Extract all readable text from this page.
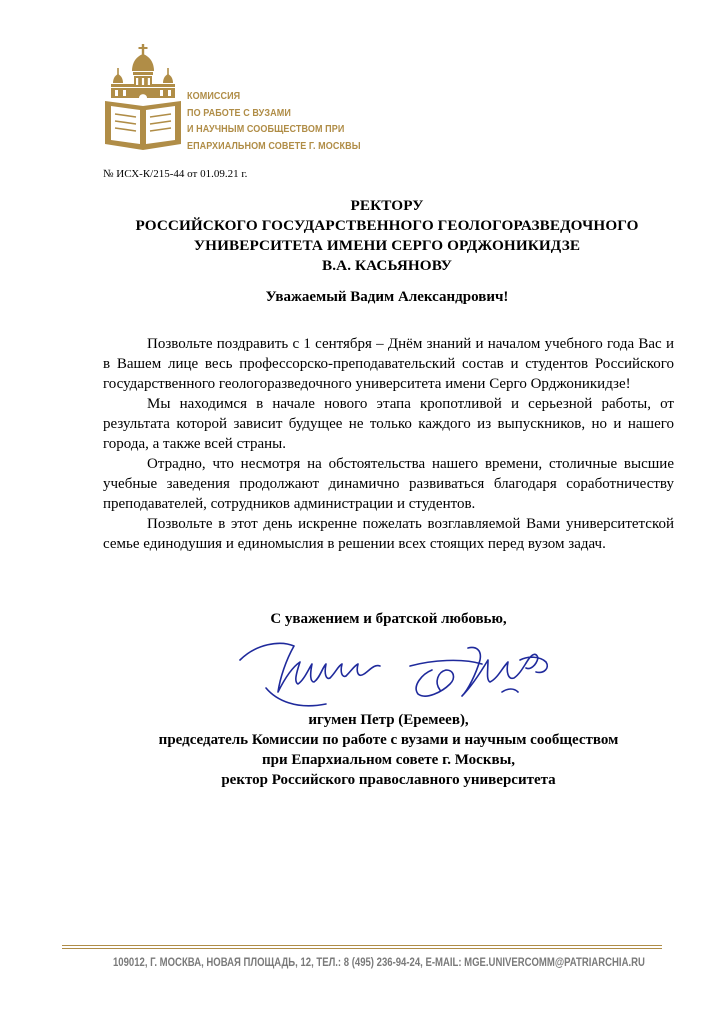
КОМИССИЯ
ПО РАБОТЕ С ВУЗАМИ
И НАУЧНЫМ СООБЩЕСТВОМ ПРИ
ЕПАРХИАЛЬНОМ СОВЕТЕ Г. МОСКВЫ
№ ИСХ-К/215-44 от 01.09.21 г.
РЕКТОРУ
РОССИЙСКОГО ГОСУДАРСТВЕННОГО ГЕОЛОГОРАЗВЕДОЧНОГО
УНИВЕРСИТЕТА ИМЕНИ СЕРГО ОРДЖОНИКИДЗЕ
В.А. КАСЬЯНОВУ
Уважаемый Вадим Александрович!

Позвольте поздравить с 1 сентября – Днём знаний и началом учебного года Вас и в Вашем лице весь профессорско-преподавательский состав и студентов Российского государственного геологоразведочного университета имени Серго Орджоникидзе!

Мы находимся в начале нового этапа кропотливой и серьезной работы, от результата которой зависит будущее не только каждого из выпускников, но и нашего города, а также всей страны.

Отрадно, что несмотря на обстоятельства нашего времени, столичные высшие учебные заведения продолжают динамично развиваться благодаря соработничеству преподавателей, сотрудников администрации и студентов.

Позвольте в этот день искренне пожелать возглавляемой Вами университетской семье единодушия и единомыслия в решении всех стоящих перед вузом задач.

С уважением и братской любовью,
игумен Петр (Еремеев),
председатель Комиссии по работе с вузами и научным сообществом
при Епархиальном совете г. Москвы,
ректор Российского православного университета
109012, Г. МОСКВА, НОВАЯ ПЛОЩАДЬ, 12, ТЕЛ.: 8 (495) 236-94-24, E-MAIL: MGE.UNIVERCOMM@PATRIARCHIA.RU
